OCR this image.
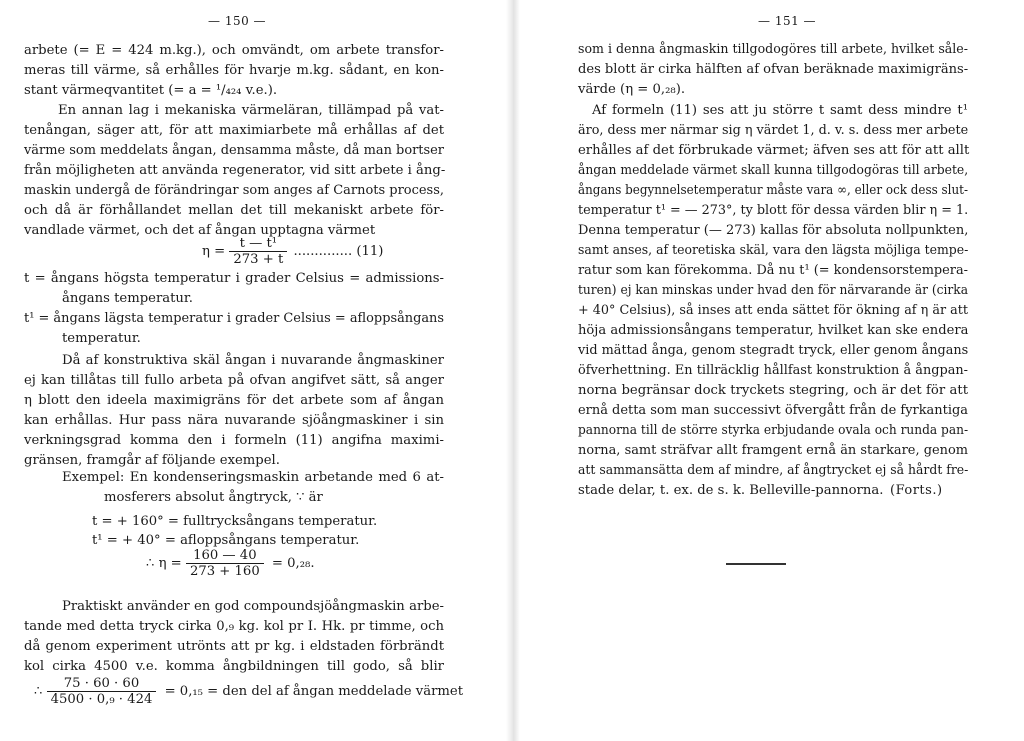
— 150 —
arbete (= E = 424 m.kg.), och omvändt, om arbete transfor-
meras till värme, så erhålles för hvarje m.kg. sådant, en kon-
stant värmeqvantitet (= a = ¹/₄₂₄ v.e.).
En annan lag i mekaniska värmeläran, tillämpad på vat-
tenångan, säger att, för att maximiarbete må erhållas af det
värme som meddelats ångan, densamma måste, då man bortser
från möjligheten att använda regenerator, vid sitt arbete i ång-
maskin undergå de förändringar som anges af Carnots process,
och då är förhållandet mellan det till mekaniskt arbete för-
vandlade värmet, och det af ångan upptagna värmet
$\eta = \frac{\text{t — t¹}}{273 + t}$ .............. (11)
t = ångans högsta temperatur i grader Celsius = admissions-
ångans temperatur.
t¹ = ångans lägsta temperatur i grader Celsius = afloppsångans
temperatur.
Då af konstruktiva skäl ångan i nuvarande ångmaskiner
ej kan tillåtas till fullo arbeta på ofvan angifvet sätt, så anger
η blott den ideela maximigräns för det arbete som af ångan
kan erhållas. Hur pass nära nuvarande sjöångmaskiner i sin
verkningsgrad komma den i formeln (11) angifna maximi-
gränsen, framgår af följande exempel.
Exempel: En kondenseringsmaskin arbetande med 6 at-
mosferers absolut ångtryck, ∵ är
t = + 160° = fulltrycksångans temperatur.
t¹ = + 40° = afloppsångans temperatur.
∴ $\eta = \frac{160 — 40}{273 + 160} = 0,_{28}$.
Praktiskt använder en god compoundsjöångmaskin arbe-
tande med detta tryck cirka 0,₉ kg. kol pr I. Hk. pr timme, och
då genom experiment utrönts att pr kg. i eldstaden förbrändt
kol cirka 4500 v.e. komma ångbildningen till godo, så blir
∴ $\frac{75 \cdot 60 \cdot 60}{\text{4500 · 0,₉ · 424}} = 0,_{15}$ = den del af ångan meddelade värmet
— 151 —
som i denna ångmaskin tillgodogöres till arbete, hvilket såle-
des blott är cirka hälften af ofvan beräknade maximigräns-
värde (η = 0,₂₈).
Af formeln (11) ses att ju större t samt dess mindre t¹
äro, dess mer närmar sig η värdet 1, d. v. s. dess mer arbete
erhålles af det förbrukade värmet; äfven ses att för att allt
ångan meddelade värmet skall kunna tillgodogöras till arbete,
ångans begynnelsetemperatur måste vara ∞, eller ock dess slut-
temperatur t¹ = — 273°, ty blott för dessa värden blir η = 1.
Denna temperatur (— 273) kallas för absoluta nollpunkten,
samt anses, af teoretiska skäl, vara den lägsta möjliga tempe-
ratur som kan förekomma. Då nu t¹ (= kondensorstempera-
turen) ej kan minskas under hvad den för närvarande är (cirka
+ 40° Celsius), så inses att enda sättet för ökning af η är att
höja admissionsångans temperatur, hvilket kan ske endera
vid mättad ånga, genom stegradt tryck, eller genom ångans
öfverhettning. En tillräcklig hållfast konstruktion å ångpan-
norna begränsar dock tryckets stegring, och är det för att
ernå detta som man successivt öfvergått från de fyrkantiga
pannorna till de större styrka erbjudande ovala och runda pan-
norna, samt sträfvar allt framgent ernå än starkare, genom
att sammansätta dem af mindre, af ångtrycket ej så hårdt fre-
stade delar, t. ex. de s. k. Belleville-pannorna. (Forts.)
